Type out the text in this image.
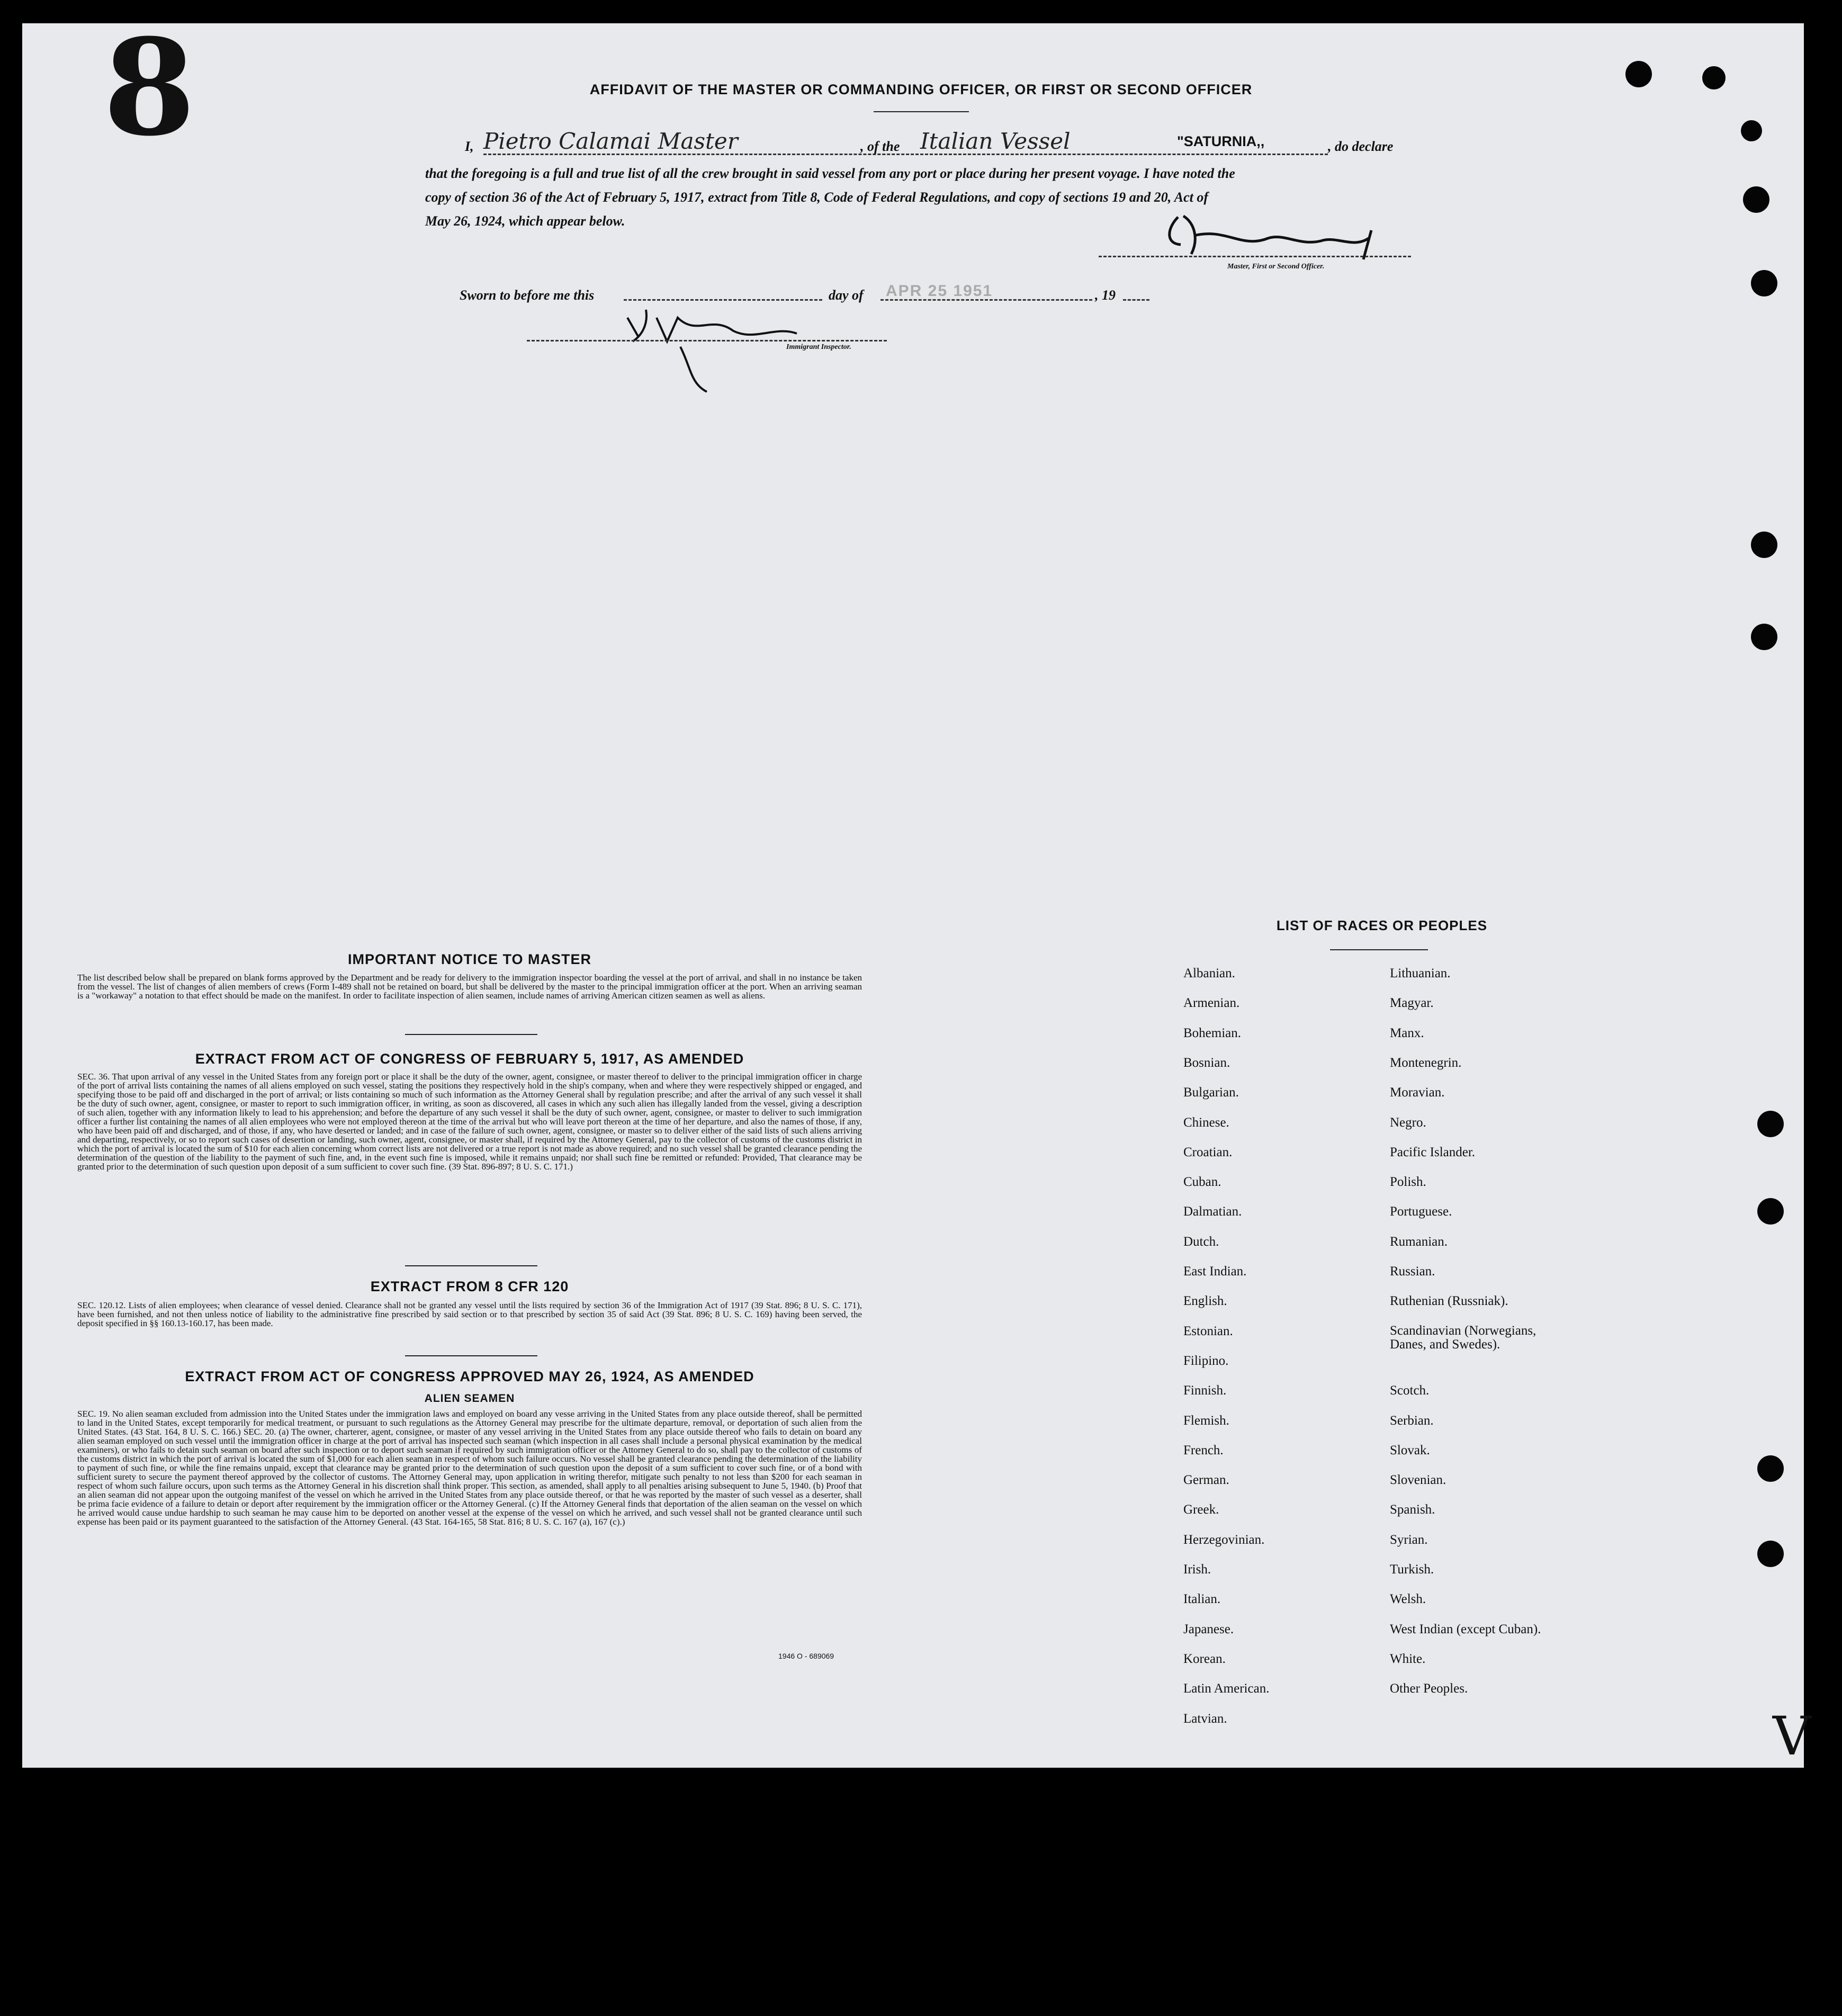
8	AFFIDAVIT OF THE MASTER OR COMMANDING OFFICER, OR FIRST OR SECOND OFFICER
I, Pietro Calamai Master	, of the Italian Vessel	"SATURNIA,,	, do declare
that the foregoing is a full and true list of all the crew brought in said vessel from any port or place during her present voyage. I have noted the
copy of section 36 of the Act of February 5, 1917, extract from Title 8, Code of Federal Regulations, and copy of sections 19 and 20, Act of
May 26, 1924, which appear below.
Master, First or Second Officer.
Sworn to before me this	day of APR 25 1951	, 19
Immigrant Inspector.
IMPORTANT NOTICE TO MASTER
The list described below shall be prepared on blank forms approved by the Department and be ready for delivery to the immigration inspector boarding the vessel at the port of arrival, and shall in no instance be taken from the vessel. The list of changes of alien members of crews (Form I-489 shall not be retained on board, but shall be delivered by the master to the principal immigration officer at the port. When an arriving seaman is a "workaway" a notation to that effect should be made on the manifest. In order to facilitate inspection of alien seamen, include names of arriving American citizen seamen as well as aliens.
EXTRACT FROM ACT OF CONGRESS OF FEBRUARY 5, 1917, AS AMENDED
SEC. 36. That upon arrival of any vessel in the United States from any foreign port or place it shall be the duty of the owner, agent, consignee, or master thereof to deliver to the principal immigration officer in charge of the port of arrival lists containing the names of all aliens employed on such vessel, stating the positions they respectively hold in the ship's company, when and where they were respectively shipped or engaged, and specifying those to be paid off and discharged in the port of arrival; or lists containing so much of such information as the Attorney General shall by regulation prescribe; and after the arrival of any such vessel it shall be the duty of such owner, agent, consignee, or master to report to such immigration officer, in writing, as soon as discovered, all cases in which any such alien has illegally landed from the vessel, giving a description of such alien, together with any information likely to lead to his apprehension; and before the departure of any such vessel it shall be the duty of such owner, agent, consignee, or master to deliver to such immigration officer a further list containing the names of all alien employees who were not employed thereon at the time of the arrival but who will leave port thereon at the time of her departure, and also the names of those, if any, who have been paid off and discharged, and of those, if any, who have deserted or landed; and in case of the failure of such owner, agent, consignee, or master so to deliver either of the said lists of such aliens arriving and departing, respectively, or so to report such cases of desertion or landing, such owner, agent, consignee, or master shall, if required by the Attorney General, pay to the collector of customs of the customs district in which the port of arrival is located the sum of $10 for each alien concerning whom correct lists are not delivered or a true report is not made as above required; and no such vessel shall be granted clearance pending the determination of the question of the liability to the payment of such fine, and, in the event such fine is imposed, while it remains unpaid; nor shall such fine be remitted or refunded: Provided, That clearance may be granted prior to the determination of such question upon deposit of a sum sufficient to cover such fine. (39 Stat. 896-897; 8 U. S. C. 171.)
EXTRACT FROM 8 CFR 120
SEC. 120.12. Lists of alien employees; when clearance of vessel denied. Clearance shall not be granted any vessel until the lists required by section 36 of the Immigration Act of 1917 (39 Stat. 896; 8 U. S. C. 171), have been furnished, and not then unless notice of liability to the administrative fine prescribed by said section or to that prescribed by section 35 of said Act (39 Stat. 896; 8 U. S. C. 169) having been served, the deposit specified in §§ 160.13-160.17, has been made.
EXTRACT FROM ACT OF CONGRESS APPROVED MAY 26, 1924, AS AMENDED
ALIEN SEAMEN
SEC. 19. No alien seaman excluded from admission into the United States under the immigration laws and employed on board any vesse arriving in the United States from any place outside thereof, shall be permitted to land in the United States, except temporarily for medical treatment, or pursuant to such regulations as the Attorney General may prescribe for the ultimate departure, removal, or deportation of such alien from the United States. (43 Stat. 164, 8 U. S. C. 166.) SEC. 20. (a) The owner, charterer, agent, consignee, or master of any vessel arriving in the United States from any place outside thereof who fails to detain on board any alien seaman employed on such vessel until the immigration officer in charge at the port of arrival has inspected such seaman (which inspection in all cases shall include a personal physical examination by the medical examiners), or who fails to detain such seaman on board after such inspection or to deport such seaman if required by such immigration officer or the Attorney General to do so, shall pay to the collector of customs of the customs district in which the port of arrival is located the sum of $1,000 for each alien seaman in respect of whom such failure occurs. No vessel shall be granted clearance pending the determination of the liability to payment of such fine, or while the fine remains unpaid, except that clearance may be granted prior to the determination of such question upon the deposit of a sum sufficient to cover such fine, or of a bond with sufficient surety to secure the payment thereof approved by the collector of customs. The Attorney General may, upon application in writing therefor, mitigate such penalty to not less than $200 for each seaman in respect of whom such failure occurs, upon such terms as the Attorney General in his discretion shall think proper. This section, as amended, shall apply to all penalties arising subsequent to June 5, 1940. (b) Proof that an alien seaman did not appear upon the outgoing manifest of the vessel on which he arrived in the United States from any place outside thereof, or that he was reported by the master of such vessel as a deserter, shall be prima facie evidence of a failure to detain or deport after requirement by the immigration officer or the Attorney General. (c) If the Attorney General finds that deportation of the alien seaman on the vessel on which he arrived would cause undue hardship to such seaman he may cause him to be deported on another vessel at the expense of the vessel on which he arrived, and such vessel shall not be granted clearance until such expense has been paid or its payment guaranteed to the satisfaction of the Attorney General. (43 Stat. 164-165, 58 Stat. 816; 8 U. S. C. 167 (a), 167 (c).)
1946 O - 689069
LIST OF RACES OR PEOPLES
Albanian.
Armenian.
Bohemian.
Bosnian.
Bulgarian.
Chinese.
Croatian.
Cuban.
Dalmatian.
Dutch.
East Indian.
English.
Estonian.
Filipino.
Finnish.
Flemish.
French.
German.
Greek.
Herzegovinian.
Irish.
Italian.
Japanese.
Korean.
Latin American.
Latvian.
Lithuanian.
Magyar.
Manx.
Montenegrin.
Moravian.
Negro.
Pacific Islander.
Polish.
Portuguese.
Rumanian.
Russian.
Ruthenian (Russniak).
Scandinavian (Norwegians, Danes, and Swedes).
Scotch.
Serbian.
Slovak.
Slovenian.
Spanish.
Syrian.
Turkish.
Welsh.
West Indian (except Cuban).
White.
Other Peoples.
V
